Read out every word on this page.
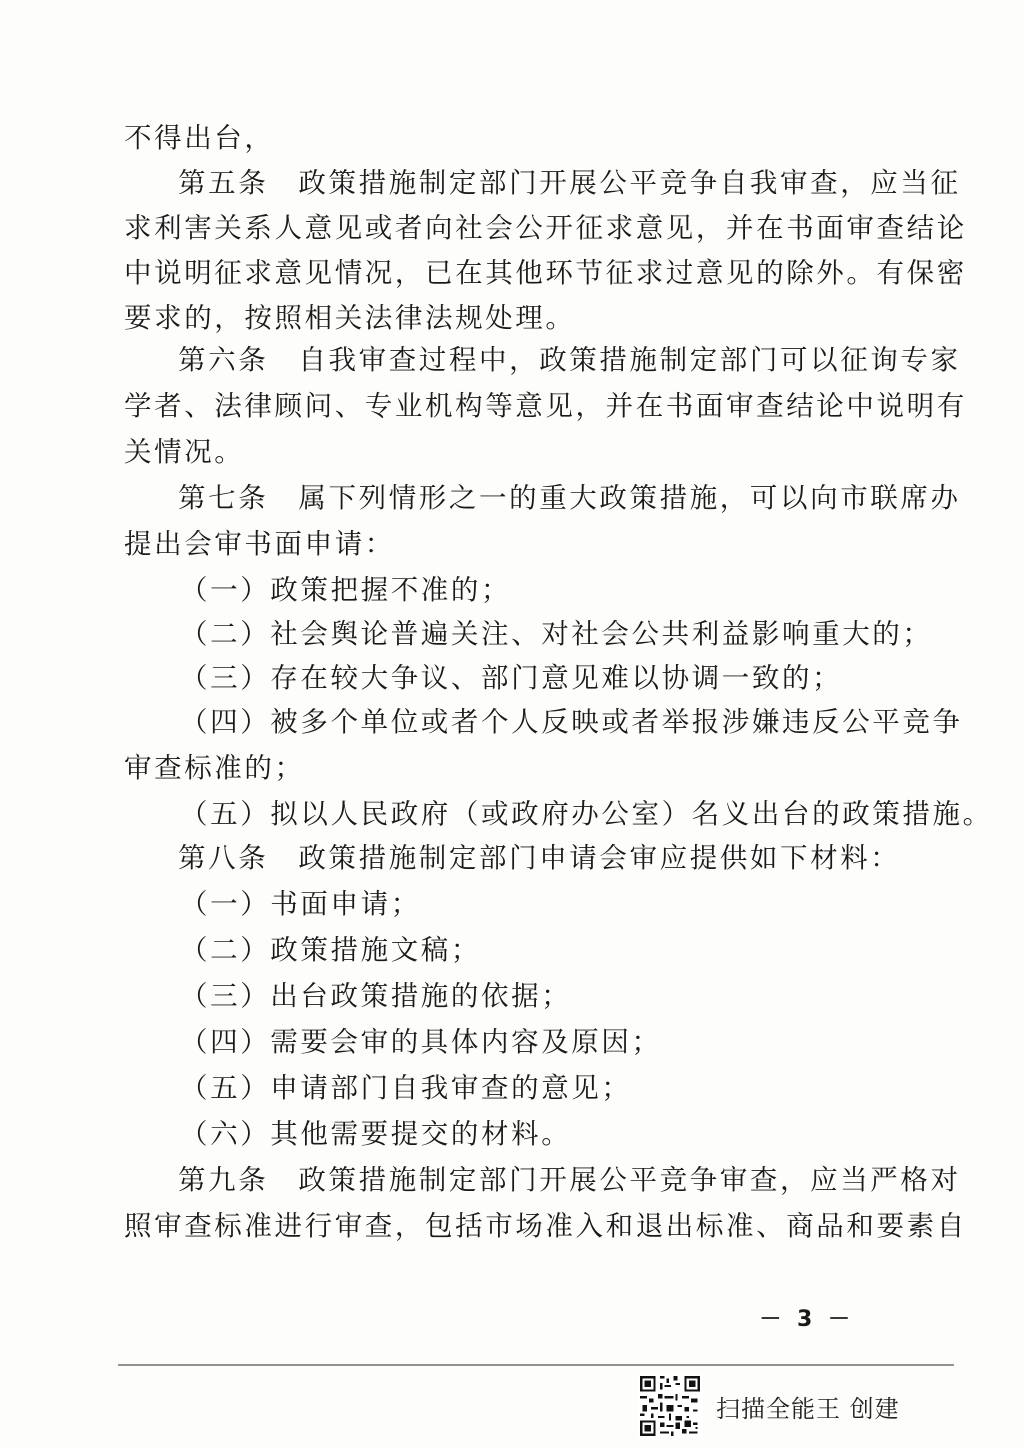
不得出台，
第五条　政策措施制定部门开展公平竞争自我审查，应当征
求利害关系人意见或者向社会公开征求意见，并在书面审查结论
中说明征求意见情况，已在其他环节征求过意见的除外。有保密
要求的，按照相关法律法规处理。
第六条　自我审查过程中，政策措施制定部门可以征询专家
学者、法律顾问、专业机构等意见，并在书面审查结论中说明有
关情况。
第七条　属下列情形之一的重大政策措施，可以向市联席办
提出会审书面申请：
（一）政策把握不准的；
（二）社会舆论普遍关注、对社会公共利益影响重大的；
（三）存在较大争议、部门意见难以协调一致的；
（四）被多个单位或者个人反映或者举报涉嫌违反公平竞争
审查标准的；
（五）拟以人民政府（或政府办公室）名义出台的政策措施。
第八条　政策措施制定部门申请会审应提供如下材料：
（一）书面申请；
（二）政策措施文稿；
（三）出台政策措施的依据；
（四）需要会审的具体内容及原因；
（五）申请部门自我审查的意见；
（六）其他需要提交的材料。
第九条　政策措施制定部门开展公平竞争审查，应当严格对
照审查标准进行审查，包括市场准入和退出标准、商品和要素自
－ 3 －
扫描全能王 创建
